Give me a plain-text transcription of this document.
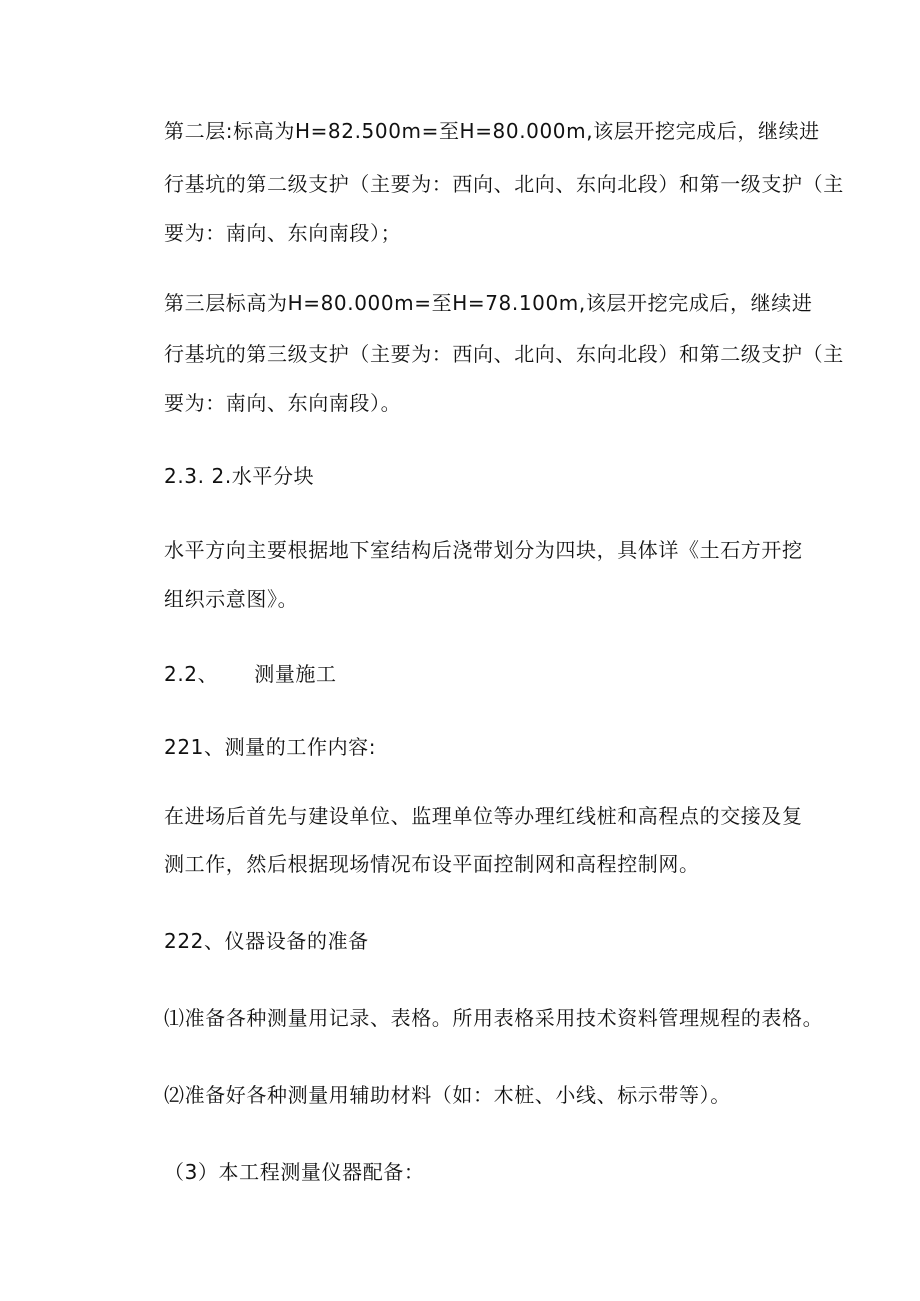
第二层:标高为H=82.500m=至H=80.000m,该层开挖完成后，继续进
行基坑的第二级支护（主要为：西向、北向、东向北段）和第一级支护（主
要为：南向、东向南段）；
第三层标高为H=80.000m=至H=78.100m,该层开挖完成后，继续进
行基坑的第三级支护（主要为：西向、北向、东向北段）和第二级支护（主
要为：南向、东向南段）。
2.3. 2.水平分块
水平方向主要根据地下室结构后浇带划分为四块，具体详《土石方开挖
组织示意图》。
2.2、 测量施工
221、测量的工作内容:
在进场后首先与建设单位、监理单位等办理红线桩和高程点的交接及复
测工作，然后根据现场情况布设平面控制网和高程控制网。
222、仪器设备的准备
⑴准备各种测量用记录、表格。所用表格采用技术资料管理规程的表格。
⑵准备好各种测量用辅助材料（如：木桩、小线、标示带等）。
（3）本工程测量仪器配备：
